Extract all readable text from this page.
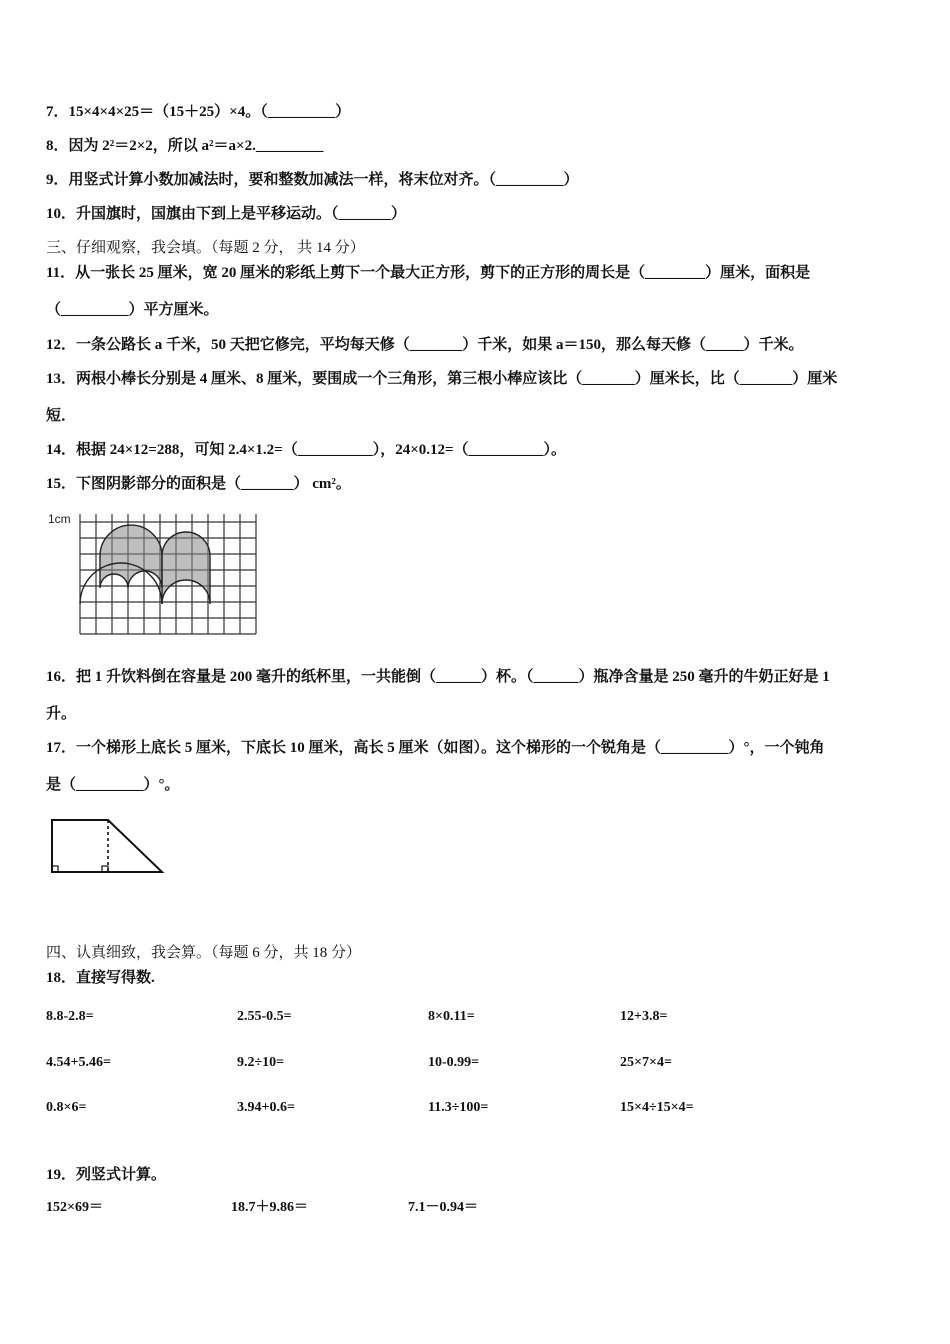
7．15×4×4×25＝（15＋25）×4。（_________）
8．因为 2²＝2×2，所以 a²＝a×2._________
9．用竖式计算小数加减法时，要和整数加减法一样，将末位对齐。（_________）
10．升国旗时，国旗由下到上是平移运动。（_______）
三、仔细观察，我会填。（每题 2 分， 共 14 分）
11．从一张长 25 厘米，宽 20 厘米的彩纸上剪下一个最大正方形，剪下的正方形的周长是（________）厘米，面积是
（_________）平方厘米。
12．一条公路长 a 千米，50 天把它修完，平均每天修（_______）千米，如果 a＝150，那么每天修（_____）千米。
13．两根小棒长分别是 4 厘米、8 厘米，要围成一个三角形，第三根小棒应该比（_______）厘米长，比（_______）厘米
短．
14．根据 24×12=288，可知 2.4×1.2=（__________），24×0.12=（__________）。
15．下图阴影部分的面积是（_______） cm²。
1cm
16．把 1 升饮料倒在容量是 200 毫升的纸杯里，一共能倒（______）杯。（______）瓶净含量是 250 毫升的牛奶正好是 1
升。
17．一个梯形上底长 5 厘米，下底长 10 厘米，高长 5 厘米（如图）。这个梯形的一个锐角是（_________）°，一个钝角
是（_________）°。
四、认真细致，我会算。（每题 6 分，共 18 分）
18．直接写得数.
8.8-2.8=	2.55-0.5=	8×0.11=	12+3.8=
4.54+5.46=	9.2÷10=	10-0.99=	25×7×4=
0.8×6=	3.94+0.6=	11.3÷100=	15×4÷15×4=
19．列竖式计算。
152×69＝	18.7＋9.86＝	7.1－0.94＝
